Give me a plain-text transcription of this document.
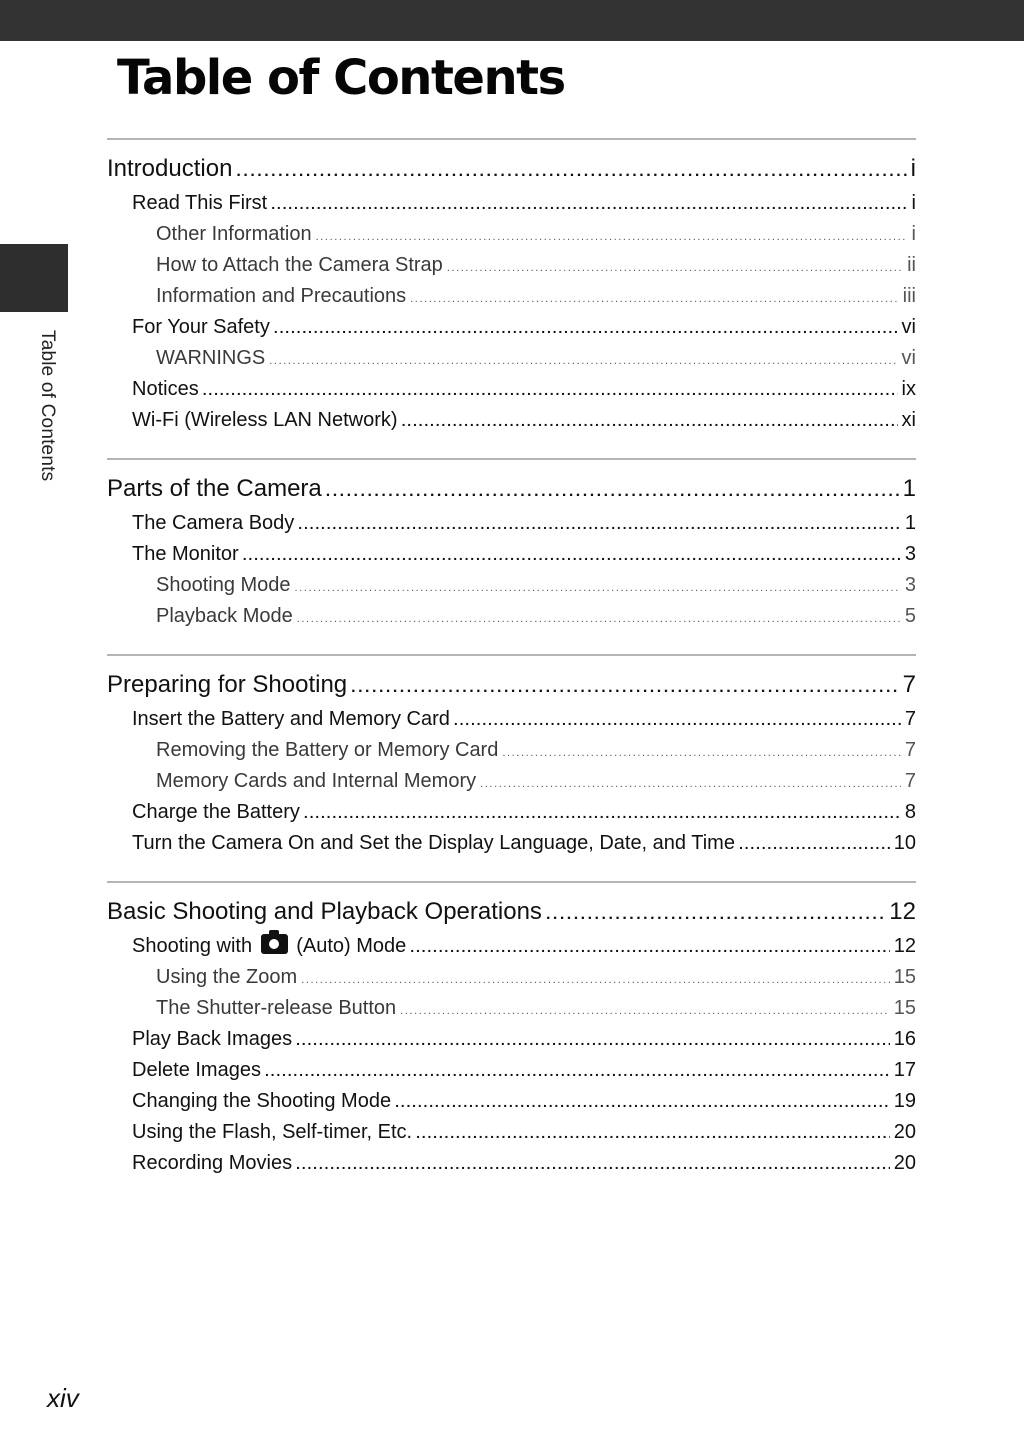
Table of Contents
Table of Contents
Introduction .....	i
Read This First .....	i
Other Information .....	i
How to Attach the Camera Strap .....	ii
Information and Precautions .....	iii
For Your Safety .....	vi
WARNINGS .....	vi
Notices .....	ix
Wi-Fi (Wireless LAN Network) .....	xi
Parts of the Camera .....	1
The Camera Body .....	1
The Monitor .....	3
Shooting Mode .....	3
Playback Mode .....	5
Preparing for Shooting .....	7
Insert the Battery and Memory Card .....	7
Removing the Battery or Memory Card .....	7
Memory Cards and Internal Memory .....	7
Charge the Battery .....	8
Turn the Camera On and Set the Display Language, Date, and Time .....	10
Basic Shooting and Playback Operations .....	12
Shooting with (Auto) Mode .....	12
Using the Zoom .....	15
The Shutter-release Button .....	15
Play Back Images .....	16
Delete Images .....	17
Changing the Shooting Mode .....	19
Using the Flash, Self-timer, Etc. .....	20
Recording Movies .....	20
xiv
